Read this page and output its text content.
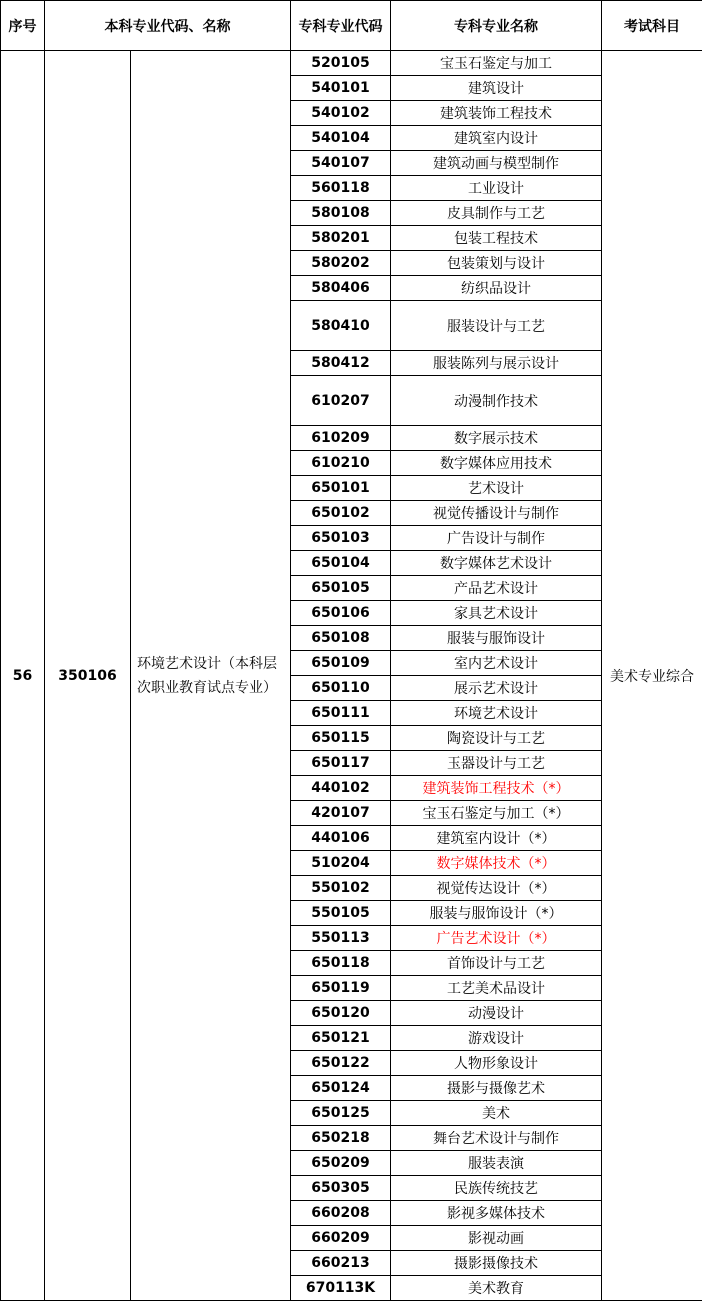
序号	本科专业代码、名称		专科专业代码	专科专业名称	考试科目
56	350106	环境艺术设计（本科层次职业教育试点专业）	520105	宝玉石鉴定与加工	美术专业综合
			540101	建筑设计	
			540102	建筑装饰工程技术	
			540104	建筑室内设计	
			540107	建筑动画与模型制作	
			560118	工业设计	
			580108	皮具制作与工艺	
			580201	包装工程技术	
			580202	包装策划与设计	
			580406	纺织品设计	
			580410	服装设计与工艺	
			580412	服装陈列与展示设计	
			610207	动漫制作技术	
			610209	数字展示技术	
			610210	数字媒体应用技术	
			650101	艺术设计	
			650102	视觉传播设计与制作	
			650103	广告设计与制作	
			650104	数字媒体艺术设计	
			650105	产品艺术设计	
			650106	家具艺术设计	
			650108	服装与服饰设计	
			650109	室内艺术设计	
			650110	展示艺术设计	
			650111	环境艺术设计	
			650115	陶瓷设计与工艺	
			650117	玉器设计与工艺	
			440102	建筑装饰工程技术（*）	
			420107	宝玉石鉴定与加工（*）	
			440106	建筑室内设计（*）	
			510204	数字媒体技术（*）	
			550102	视觉传达设计（*）	
			550105	服装与服饰设计（*）	
			550113	广告艺术设计（*）	
			650118	首饰设计与工艺	
			650119	工艺美术品设计	
			650120	动漫设计	
			650121	游戏设计	
			650122	人物形象设计	
			650124	摄影与摄像艺术	
			650125	美术	
			650218	舞台艺术设计与制作	
			650209	服装表演	
			650305	民族传统技艺	
			660208	影视多媒体技术	
			660209	影视动画	
			660213	摄影摄像技术	
			670113K	美术教育	
